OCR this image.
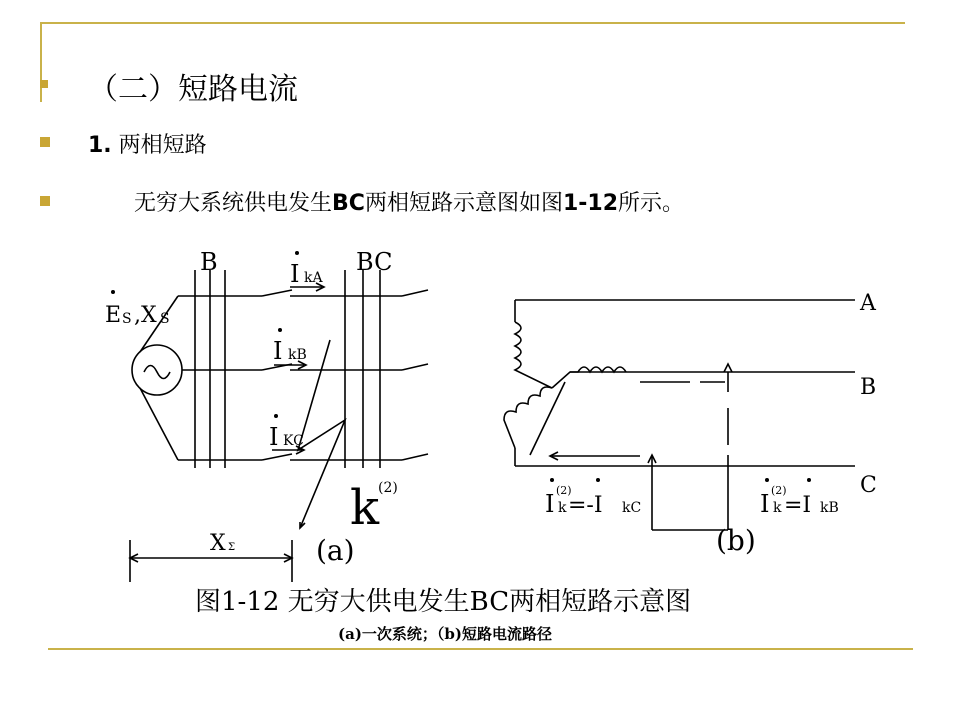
（二）短路电流
1. 两相短路
无穷大系统供电发生BC两相短路示意图如图1-12所示。
B	BC
E S ,X S
I kA
I kB
I KC
k
(2)
X Σ	(a)
A
B
C
I (2)
k =-I kC	I (2)
k =I kB
(b)
图1-12 无穷大供电发生BC两相短路示意图
(a)一次系统；（b)短路电流路径
